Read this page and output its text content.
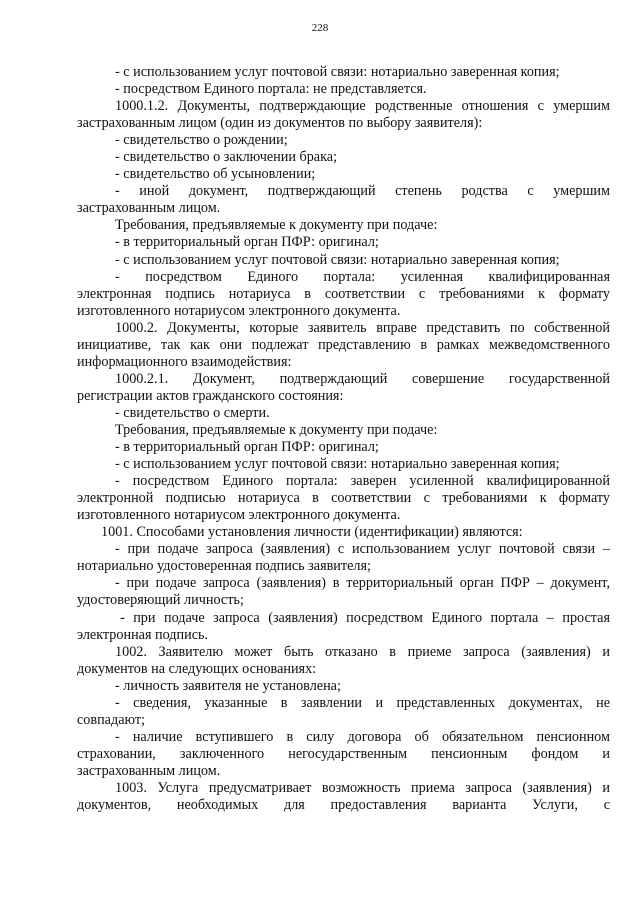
228
- с использованием услуг почтовой связи: нотариально заверенная копия;
- посредством Единого портала: не представляется.
1000.1.2. Документы, подтверждающие родственные отношения с умершим
застрахованным лицом (один из документов по выбору заявителя):
- свидетельство о рождении;
- свидетельство о заключении брака;
- свидетельство об усыновлении;
- иной документ, подтверждающий степень родства с умершим
застрахованным лицом.
Требования, предъявляемые к документу при подаче:
- в территориальный орган ПФР: оригинал;
- с использованием услуг почтовой связи: нотариально заверенная копия;
- посредством Единого портала: усиленная квалифицированная
электронная подпись нотариуса в соответствии с требованиями к формату
изготовленного нотариусом электронного документа.
1000.2. Документы, которые заявитель вправе представить по собственной
инициативе, так как они подлежат представлению в рамках межведомственного
информационного взаимодействия:
1000.2.1. Документ, подтверждающий совершение государственной
регистрации актов гражданского состояния:
- свидетельство о смерти.
Требования, предъявляемые к документу при подаче:
- в территориальный орган ПФР: оригинал;
- с использованием услуг почтовой связи: нотариально заверенная копия;
- посредством Единого портала: заверен усиленной квалифицированной
электронной подписью нотариуса в соответствии с требованиями к формату
изготовленного нотариусом электронного документа.
1001. Способами установления личности (идентификации) являются:
- при подаче запроса (заявления) с использованием услуг почтовой связи –
нотариально удостоверенная подпись заявителя;
- при подаче запроса (заявления) в территориальный орган ПФР – документ,
удостоверяющий личность;
- при подаче запроса (заявления) посредством Единого портала – простая
электронная подпись.
1002. Заявителю может быть отказано в приеме запроса (заявления) и
документов на следующих основаниях:
- личность заявителя не установлена;
- сведения, указанные в заявлении и представленных документах, не
совпадают;
- наличие вступившего в силу договора об обязательном пенсионном
страховании, заключенного негосударственным пенсионным фондом и
застрахованным лицом.
1003. Услуга предусматривает возможность приема запроса (заявления) и
документов, необходимых для предоставления варианта Услуги, с
